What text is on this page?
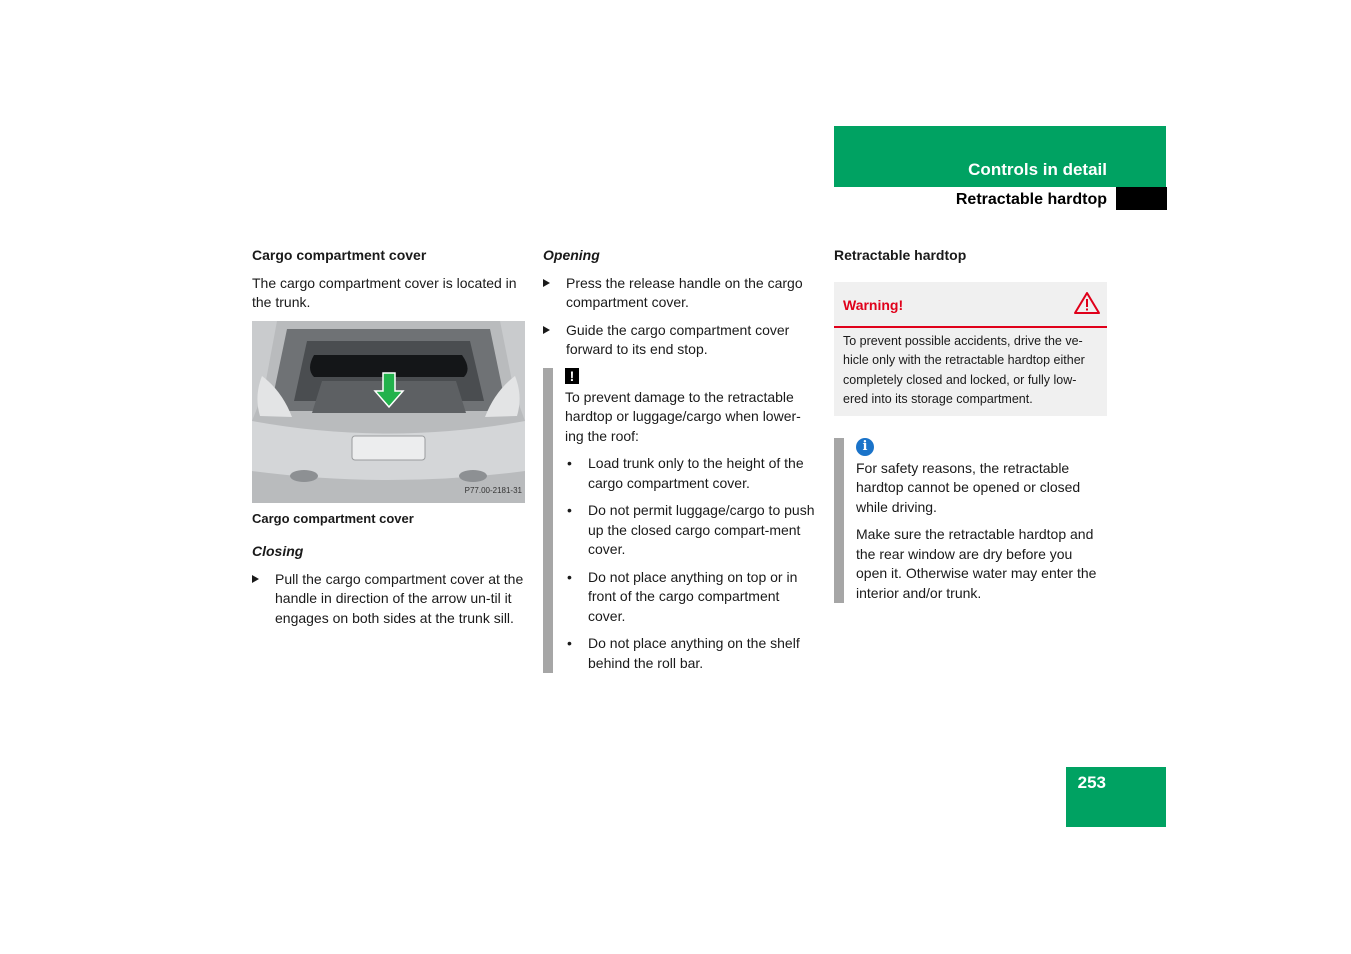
Controls in detail
Retractable hardtop
Cargo compartment cover

The cargo compartment cover is located in the trunk.

P77.00-2181-31
Cargo compartment cover
Closing
Pull the cargo compartment cover at the handle in direction of the arrow un-til it engages on both sides at the trunk sill.
Opening
Press the release handle on the cargo compartment cover.
Guide the cargo compartment cover forward to its end stop.
!

To prevent damage to the retractable hardtop or luggage/cargo when lower-ing the roof:

• Load trunk only to the height of the cargo compartment cover.
• Do not permit luggage/cargo to push up the closed cargo compart-ment cover.
• Do not place anything on top or in front of the cargo compartment cover.
• Do not place anything on the shelf behind the roll bar.
Retractable hardtop
Warning!
To prevent possible accidents, drive the ve-hicle only with the retractable hardtop either completely closed and locked, or fully low-ered into its storage compartment.
i

For safety reasons, the retractable hardtop cannot be opened or closed while driving.

Make sure the retractable hardtop and the rear window are dry before you open it. Otherwise water may enter the interior and/or trunk.

253
